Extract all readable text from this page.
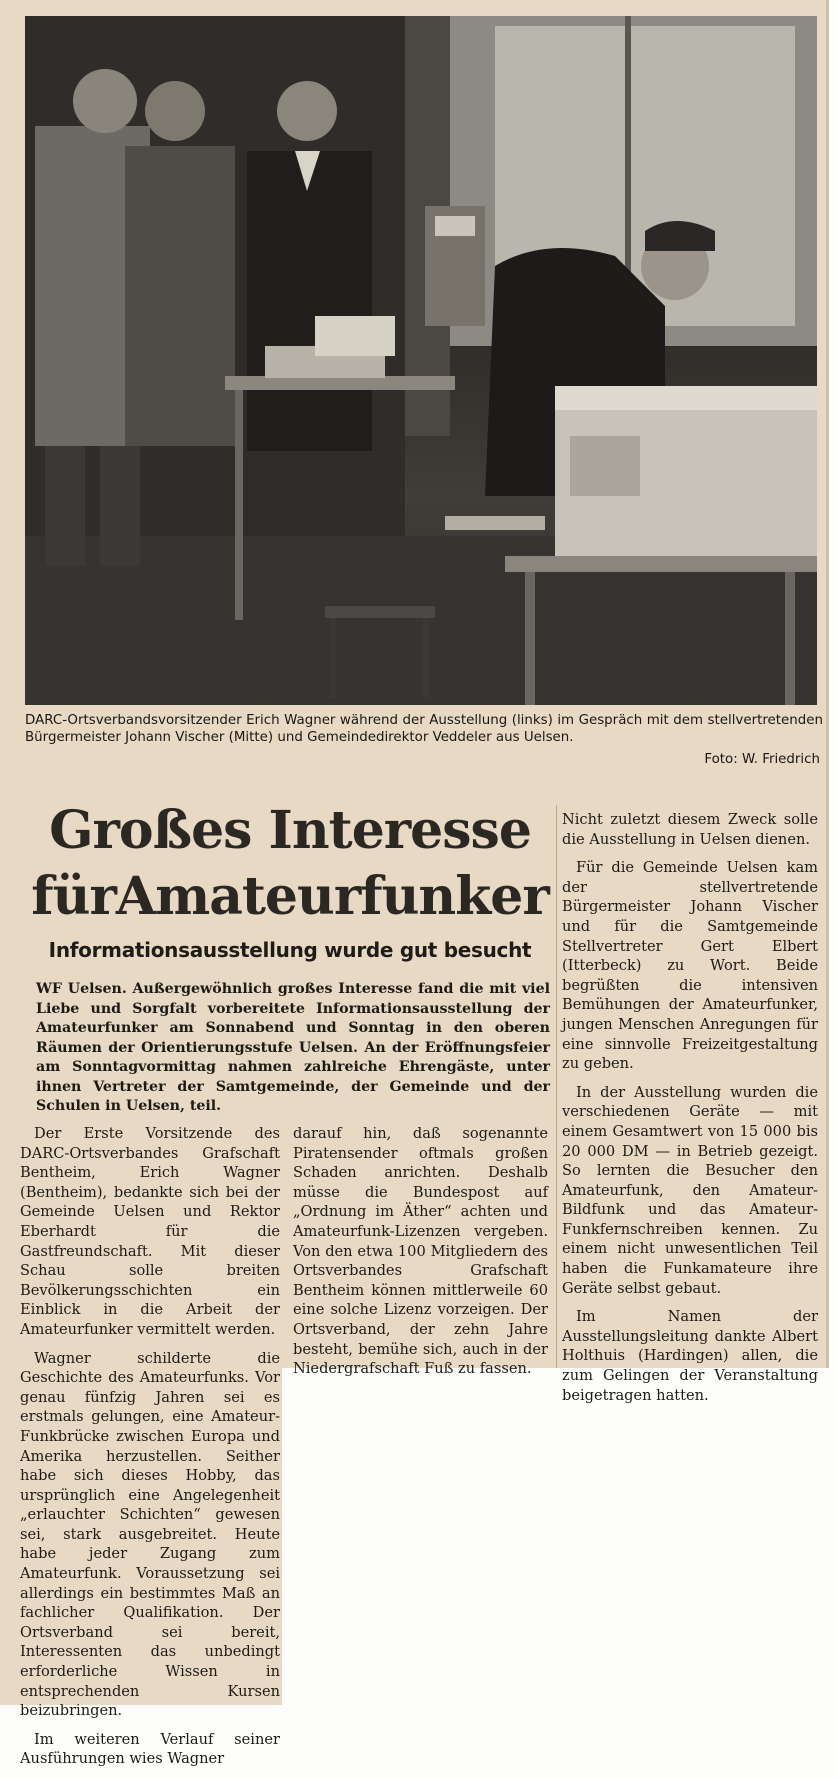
DARC-Ortsverbandsvorsitzender Erich Wagner während der Ausstellung (links) im Gespräch mit dem stellvertretenden Bürgermeister Johann Vischer (Mitte) und Gemeindedirektor Veddeler aus Uelsen.
Foto: W. Friedrich
Großes Interesse
fürAmateurfunker
Informationsausstellung wurde gut besucht
WF Uelsen. Außergewöhnlich großes Interesse fand die mit viel Liebe und Sorgfalt vorbereitete Informationsausstellung der Amateurfunker am Sonnabend und Sonntag in den oberen Räumen der Orientierungsstufe Uelsen. An der Eröffnungsfeier am Sonntagvormittag nahmen zahlreiche Ehrengäste, unter ihnen Vertreter der Samtgemeinde, der Gemeinde und der Schulen in Uelsen, teil.

Der Erste Vorsitzende des DARC-Ortsverbandes Grafschaft Bentheim, Erich Wagner (Bentheim), bedankte sich bei der Gemeinde Uelsen und Rektor Eberhardt für die Gastfreundschaft. Mit dieser Schau solle breiten Bevölkerungsschichten ein Einblick in die Arbeit der Amateurfunker vermittelt werden.

Wagner schilderte die Geschichte des Amateurfunks. Vor genau fünfzig Jahren sei es erstmals gelungen, eine Amateur-Funkbrücke zwischen Europa und Amerika herzustellen. Seither habe sich dieses Hobby, das ursprünglich eine Angelegenheit „erlauchter Schichten“ gewesen sei, stark ausgebreitet. Heute habe jeder Zugang zum Amateurfunk. Voraussetzung sei allerdings ein bestimmtes Maß an fachlicher Qualifikation. Der Ortsverband sei bereit, Interessenten das unbedingt erforderliche Wissen in entsprechenden Kursen beizubringen.

Im weiteren Verlauf seiner Ausführungen wies Wagner

darauf hin, daß sogenannte Piratensender oftmals großen Schaden anrichten. Deshalb müsse die Bundespost auf „Ordnung im Äther“ achten und Amateurfunk-Lizenzen vergeben. Von den etwa 100 Mitgliedern des Ortsverbandes Grafschaft Bentheim können mittlerweile 60 eine solche Lizenz vorzeigen. Der Ortsverband, der zehn Jahre besteht, bemühe sich, auch in der Niedergrafschaft Fuß zu fassen.

Nicht zuletzt diesem Zweck solle die Ausstellung in Uelsen dienen.

Für die Gemeinde Uelsen kam der stellvertretende Bürgermeister Johann Vischer und für die Samtgemeinde Stellvertreter Gert Elbert (Itterbeck) zu Wort. Beide begrüßten die intensiven Bemühungen der Amateurfunker, jungen Menschen Anregungen für eine sinnvolle Freizeitgestaltung zu geben.

In der Ausstellung wurden die verschiedenen Geräte — mit einem Gesamtwert von 15 000 bis 20 000 DM — in Betrieb gezeigt. So lernten die Besucher den Amateurfunk, den Amateur-Bildfunk und das Amateur-Funkfernschreiben kennen. Zu einem nicht unwesentlichen Teil haben die Funkamateure ihre Geräte selbst gebaut.

Im Namen der Ausstellungsleitung dankte Albert Holthuis (Hardingen) allen, die zum Gelingen der Veranstaltung beigetragen hatten.
